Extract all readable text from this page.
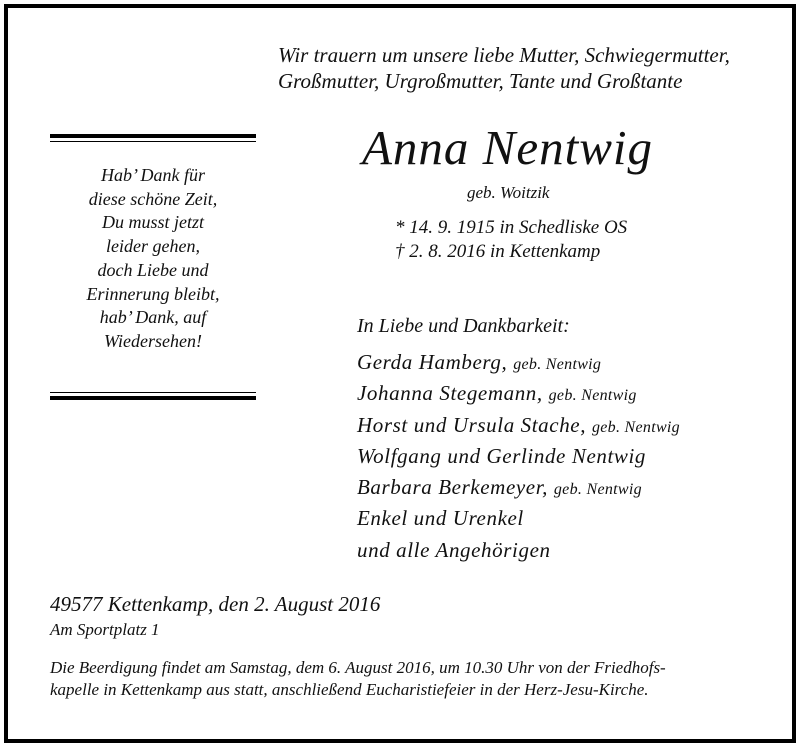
Wir trauern um unsere liebe Mutter, Schwiegermutter,
Großmutter, Urgroßmutter, Tante und Großtante
Anna Nentwig
geb. Woitzik
* 14. 9. 1915 in Schedliske OS
† 2. 8. 2016 in Kettenkamp
Hab’ Dank für
diese schöne Zeit,
Du musst jetzt
leider gehen,
doch Liebe und
Erinnerung bleibt,
hab’ Dank, auf
Wiedersehen!
In Liebe und Dankbarkeit:
Gerda Hamberg, geb. Nentwig
Johanna Stegemann, geb. Nentwig
Horst und Ursula Stache, geb. Nentwig
Wolfgang und Gerlinde Nentwig
Barbara Berkemeyer, geb. Nentwig
Enkel und Urenkel
und alle Angehörigen
49577 Kettenkamp, den 2. August 2016
Am Sportplatz 1
Die Beerdigung findet am Samstag, dem 6. August 2016, um 10.30 Uhr von der Friedhofs-
kapelle in Kettenkamp aus statt, anschließend Eucharistiefeier in der Herz-Jesu-Kirche.
